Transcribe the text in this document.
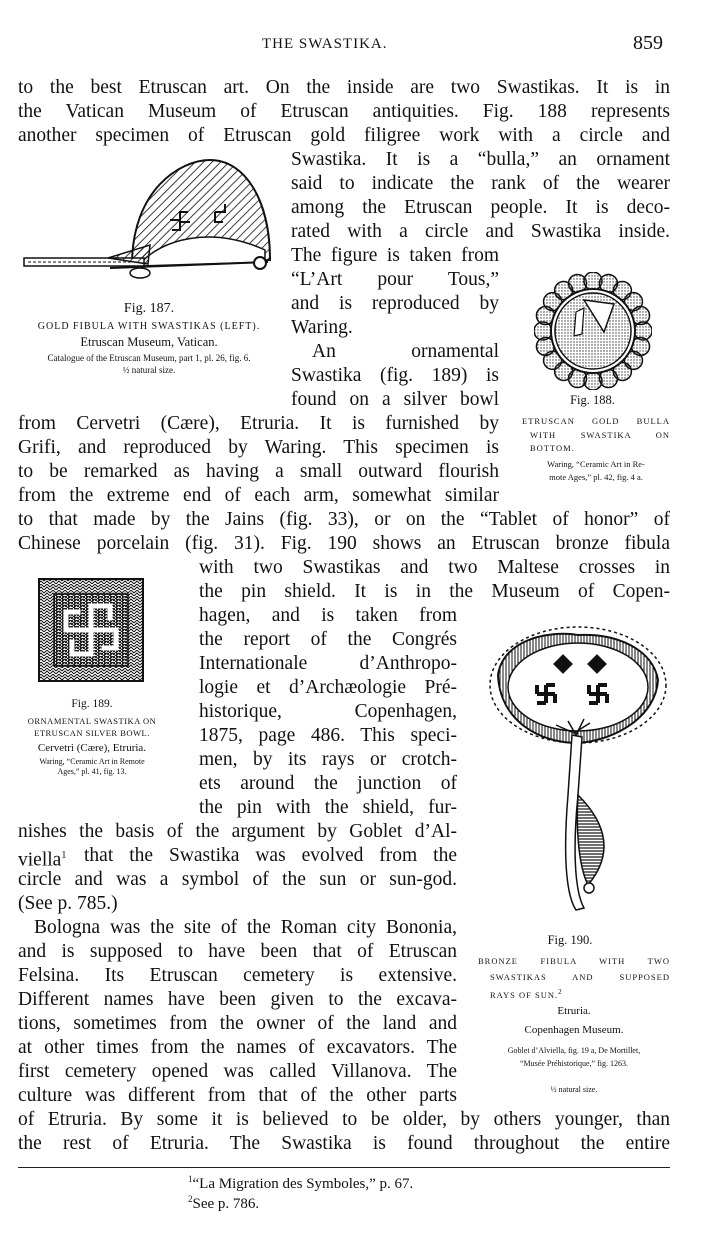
THE SWASTIKA.	859
to the best Etruscan art. On the inside are two Swastikas. It is in
the Vatican Museum of Etruscan antiquities. Fig. 188 represents
another specimen of Etruscan gold filigree work with a circle and
Swastika. It is a “bulla,” an ornament
said to indicate the rank of the wearer
among the Etruscan people. It is deco-
rated with a circle and Swastika inside.
The figure is taken from
“L’Art pour Tous,”
and is reproduced by
Waring.
An ornamental
Swastika (fig. 189) is
found on a silver bowl
from Cervetri (Cære), Etruria. It is furnished by
Grifi, and reproduced by Waring. This specimen is
to be remarked as having a small outward flourish
from the extreme end of each arm, somewhat similar
to that made by the Jains (fig. 33), or on the “Tablet of honor” of
Chinese porcelain (fig. 31). Fig. 190 shows an Etruscan bronze fibula
with two Swastikas and two Maltese crosses in
the pin shield. It is in the Museum of Copen-
hagen, and is taken from
the report of the Congrés
Internationale d’Anthropo-
logie et d’Archæologie Pré-
historique, Copenhagen,
1875, page 486. This speci-
men, by its rays or crotch-
ets around the junction of
the pin with the shield, fur-
nishes the basis of the argument by Goblet d’Al-
viella$^1$ that the Swastika was evolved from the
circle and was a symbol of the sun or sun-god.
(See p. 785.)
Bologna was the site of the Roman city Bononia,
and is supposed to have been that of Etruscan
Felsina. Its Etruscan cemetery is extensive.
Different names have been given to the excava-
tions, sometimes from the owner of the land and
at other times from the names of excavators. The
first cemetery opened was called Villanova. The
culture was different from that of the other parts
of Etruria. By some it is believed to be older, by others younger, than
the rest of Etruria. The Swastika is found throughout the entire
Fig. 187.
GOLD FIBULA WITH SWASTIKAS (LEFT).
Etruscan Museum, Vatican.
Catalogue of the Etruscan Museum, part 1, pl. 26, fig. 6.
½ natural size.
Fig. 188.
ETRUSCAN GOLD BULLA
WITH SWASTIKA ON
BOTTOM.
Waring, “Ceramic Art in Re-
mote Ages,” pl. 42, fig. 4 a.
Fig. 189.
ORNAMENTAL SWASTIKA ON
ETRUSCAN SILVER BOWL.
Cervetri (Cære), Etruria.
Waring, “Ceramic Art in Remote
Ages,” pl. 41, fig. 13.
Fig. 190.
BRONZE FIBULA WITH TWO
SWASTIKAS AND SUPPOSED
RAYS OF SUN.$^2$
Etruria.
Copenhagen Museum.
Goblet d’Alviella, fig. 19 a, De Mortillet,
“Musée Préhistorique,” fig. 1263.
½ natural size.
$^1$“La Migration des Symboles,” p. 67.
$^2$See p. 786.
